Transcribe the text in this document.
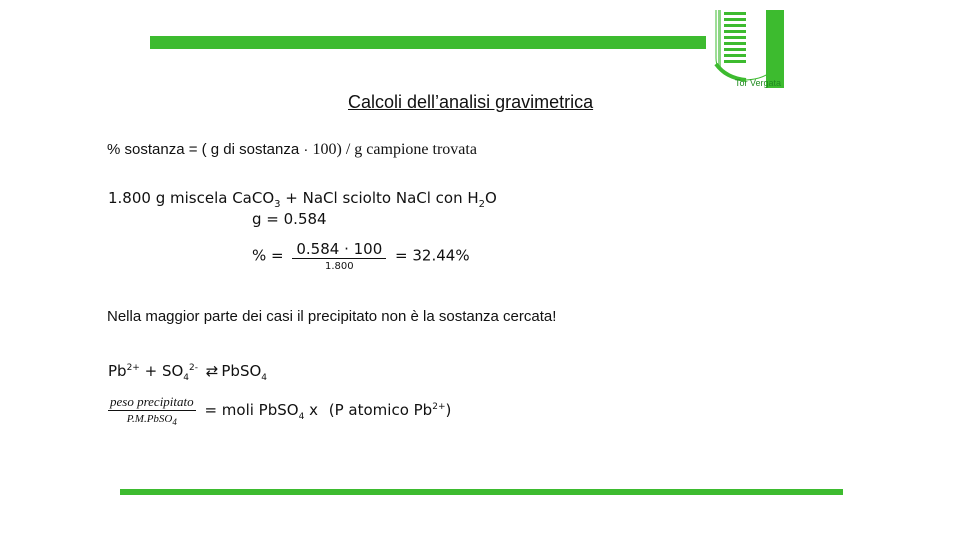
Tor Vergata
Calcoli dell’analisi gravimetrica
% sostanza = ( g di sostanza · 100) / g campione trovata
1.800 g miscela CaCO$_3$ + NaCl sciolto NaCl con $H_2O$
g = 0.584
% = $\frac{0.584 \cdot 100}{1.800} = 32.44\%$
Nella maggior parte dei casi il precipitato non è la sostanza cercata!
$Pb^{2+} + SO_4^{2-}$ ⇄ PbSO$_4$
$\frac{\text{peso precipitato}}{P.M.PbSO_4}$ = moli PbSO$_4$ x (P atomico $Pb^{2+}$)
